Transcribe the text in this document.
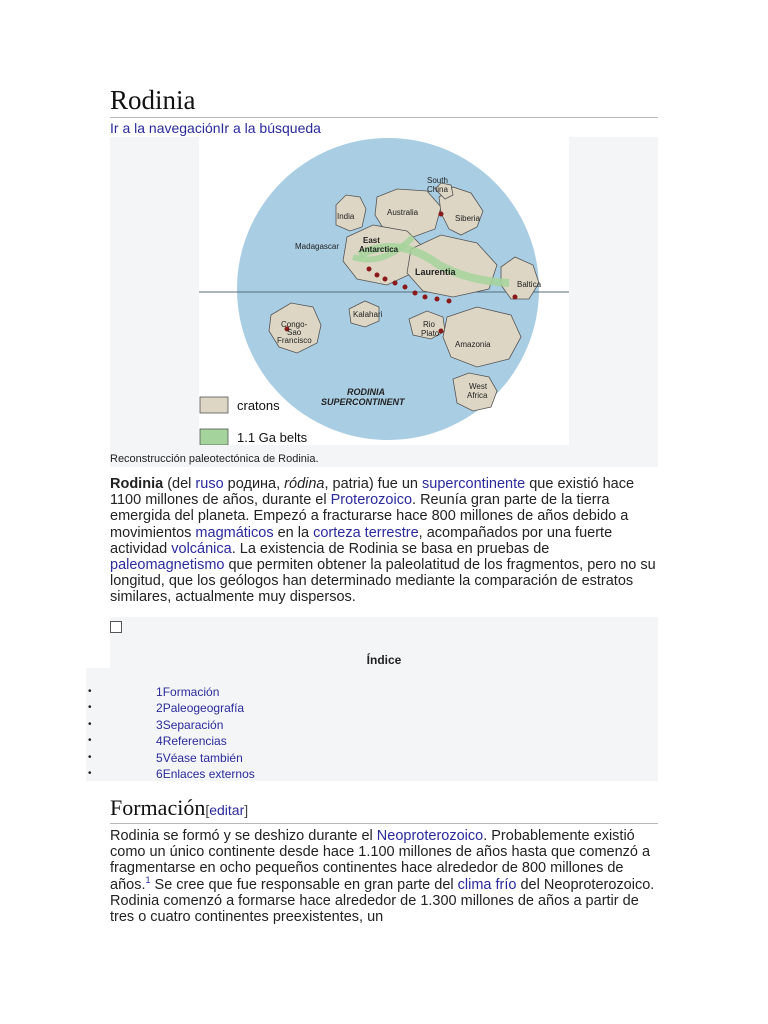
Rodinia
Ir a la navegaciónIr a la búsqueda
South
China
India	Australia
Siberia
Madagascar
East
Antarctica
Laurentia
Baltica
Kalahari
Congo-
Sao
Francisco
Rio
Plato
Amazonia
West
Africa
RODINIA
SUPERCONTINENT
cratons
1.1 Ga belts
Reconstrucción paleotectónica de Rodinia.
Rodinia (del ruso родина, ródina, patria) fue un supercontinente que existió hace 1100 millones de años, durante el Proterozoico. Reunía gran parte de la tierra emergida del planeta. Empezó a fracturarse hace 800 millones de años debido a movimientos magmáticos en la corteza terrestre, acompañados por una fuerte actividad volcánica. La existencia de Rodinia se basa en pruebas de paleomagnetismo que permiten obtener la paleolatitud de los fragmentos, pero no su longitud, que los geólogos han determinado mediante la comparación de estratos similares, actualmente muy dispersos.
Índice
•	1Formación
•	2Paleogeografía
•	3Separación
•	4Referencias
•	5Véase también
•	6Enlaces externos
Formación[editar]
Rodinia se formó y se deshizo durante el Neoproterozoico. Probablemente existió como un único continente desde hace 1.100 millones de años hasta que comenzó a fragmentarse en ocho pequeños continentes hace alrededor de 800 millones de años.$^1$ Se cree que fue responsable en gran parte del clima frío del Neoproterozoico. Rodinia comenzó a formarse hace alrededor de 1.300 millones de años a partir de tres o cuatro continentes preexistentes, un
